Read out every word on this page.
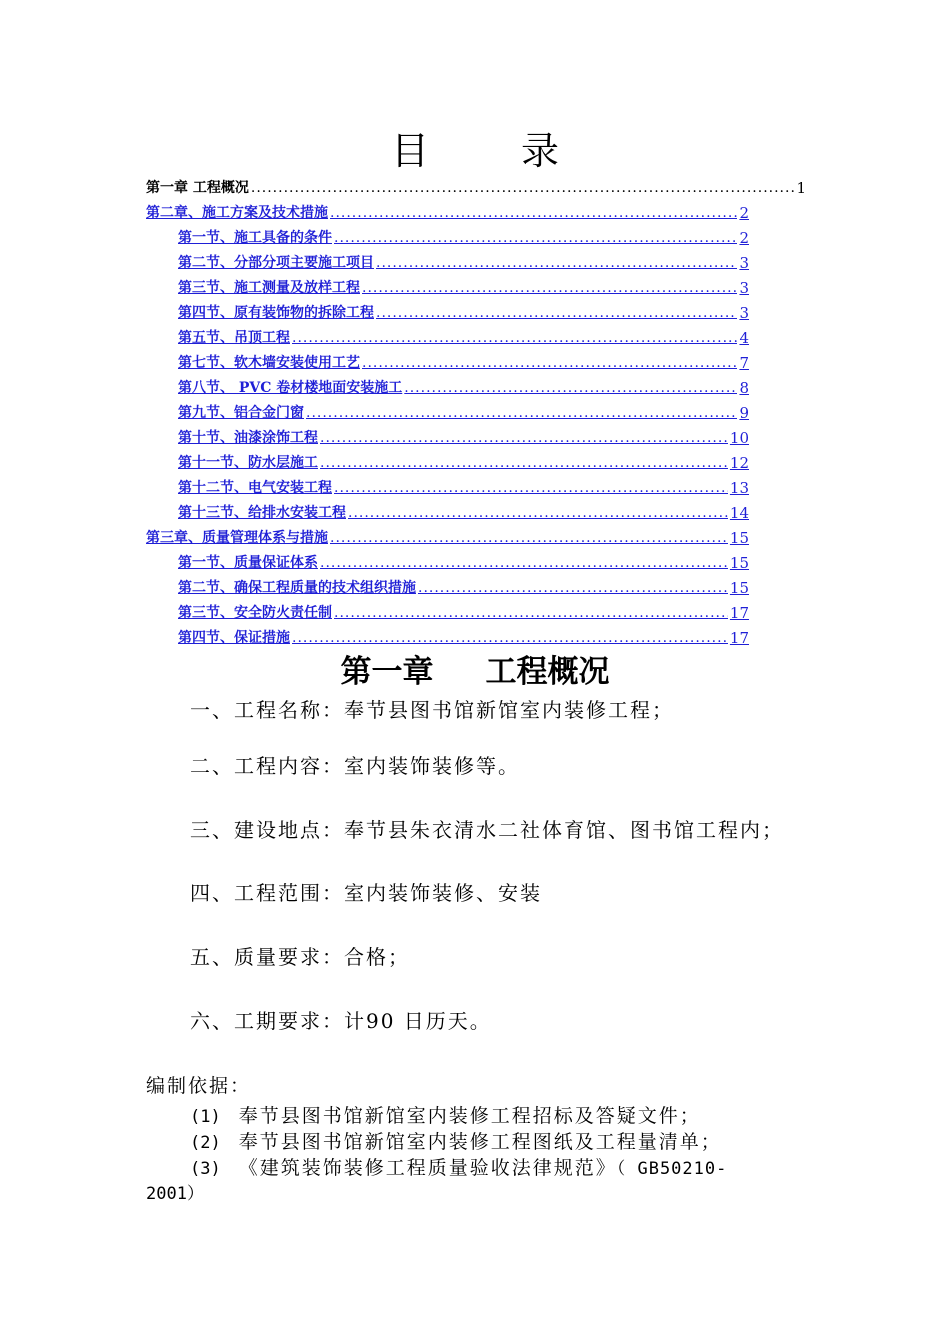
目 录
第一章 工程概况 .....	1
第二章、施工方案及技术措施 .....	2
第一节、施工具备的条件 .....	2
第二节、分部分项主要施工项目 .....	3
第三节、施工测量及放样工程 .....	3
第四节、原有装饰物的拆除工程 .....	3
第五节、吊顶工程 .....	4
第七节、软木墙安装使用工艺 .....	7
第八节、 PVC 卷材楼地面安装施工 .....	8
第九节、铝合金门窗 .....	9
第十节、油漆涂饰工程 .....	10
第十一节、防水层施工 .....	12
第十二节、电气安装工程 .....	13
第十三节、给排水安装工程 .....	14
第三章、质量管理体系与措施 .....	15
第一节、质量保证体系 .....	15
第二节、确保工程质量的技术组织措施 .....	15
第三节、安全防火责任制 .....	17
第四节、保证措施 .....	17
第一章 工程概况
一、工程名称：奉节县图书馆新馆室内装修工程；
二、工程内容：室内装饰装修等。
三、建设地点：奉节县朱衣清水二社体育馆、图书馆工程内；
四、工程范围：室内装饰装修、安装
五、质量要求：合格；
六、工期要求：计90 日历天。
编制依据：
(1) 奉节县图书馆新馆室内装修工程招标及答疑文件；
(2) 奉节县图书馆新馆室内装修工程图纸及工程量清单；
(3) 《建筑装饰装修工程质量验收法律规范》（ GB50210-
2001）
